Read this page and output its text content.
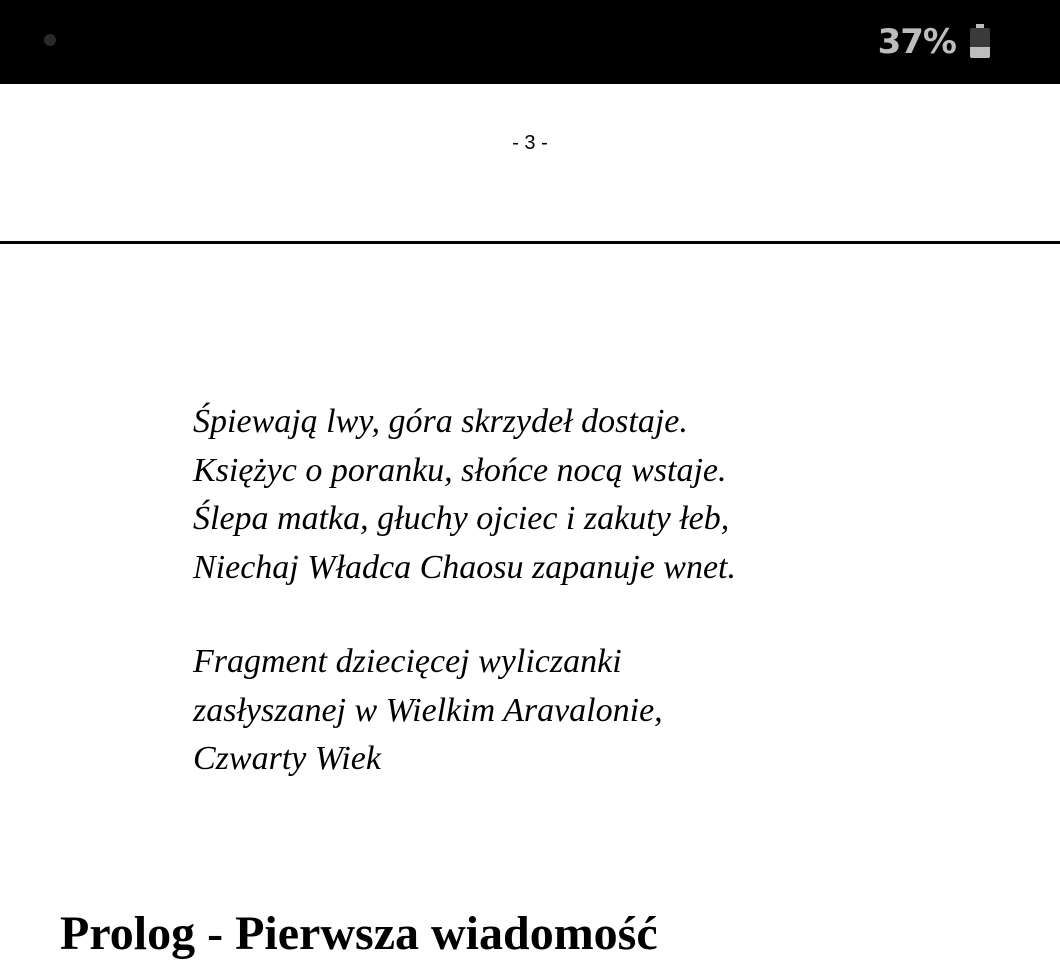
37%
- 3 -
Śpiewają lwy, góra skrzydeł dostaje.
Księżyc o poranku, słońce nocą wstaje.
Ślepa matka, głuchy ojciec i zakuty łeb,
Niechaj Władca Chaosu zapanuje wnet.
Fragment dziecięcej wyliczanki
zasłyszanej w Wielkim Aravalonie,
Czwarty Wiek
Prolog - Pierwsza wiadomość
